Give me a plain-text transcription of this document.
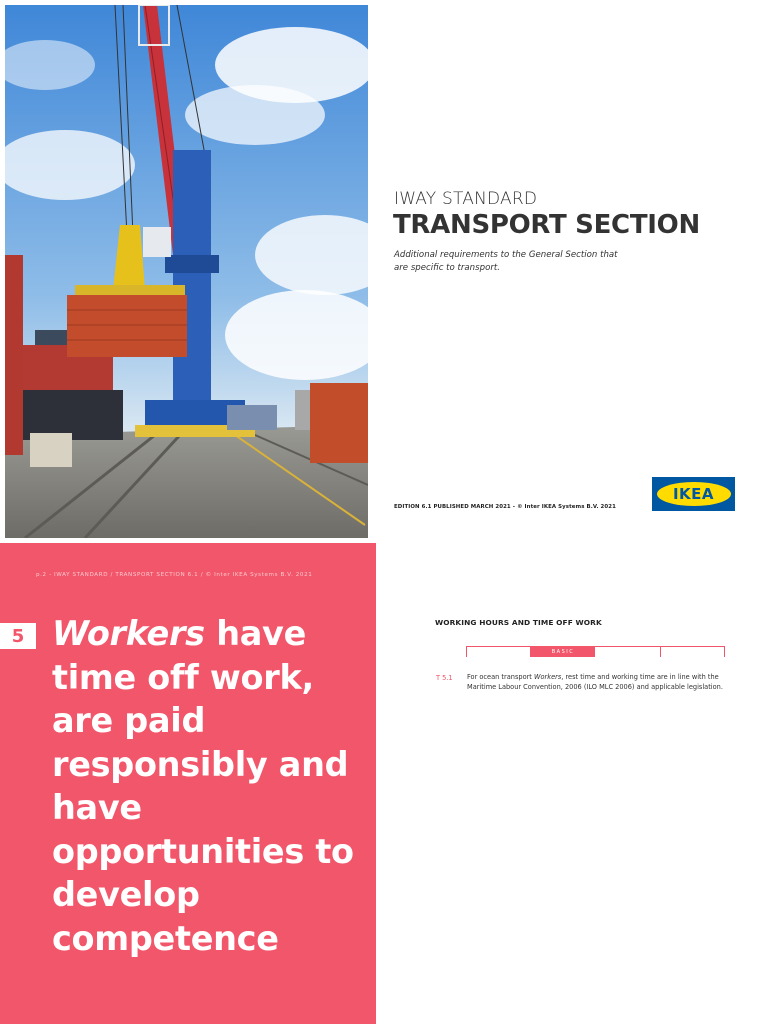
IWAY STANDARD
TRANSPORT SECTION
Additional requirements to the General Section that are specific to transport.
EDITION 6.1 PUBLISHED MARCH 2021 - © Inter IKEA Systems B.V. 2021
IKEA
p.2 - IWAY STANDARD / TRANSPORT SECTION 6.1 / © Inter IKEA Systems B.V. 2021
5 Workers have time off work, are paid responsibly and have opportunities to develop competence
WORKING HOURS AND TIME OFF WORK
BASIC
T 5.1 For ocean transport Workers, rest time and working time are in line with the Maritime Labour Convention, 2006 (ILO MLC 2006) and applicable legislation.
